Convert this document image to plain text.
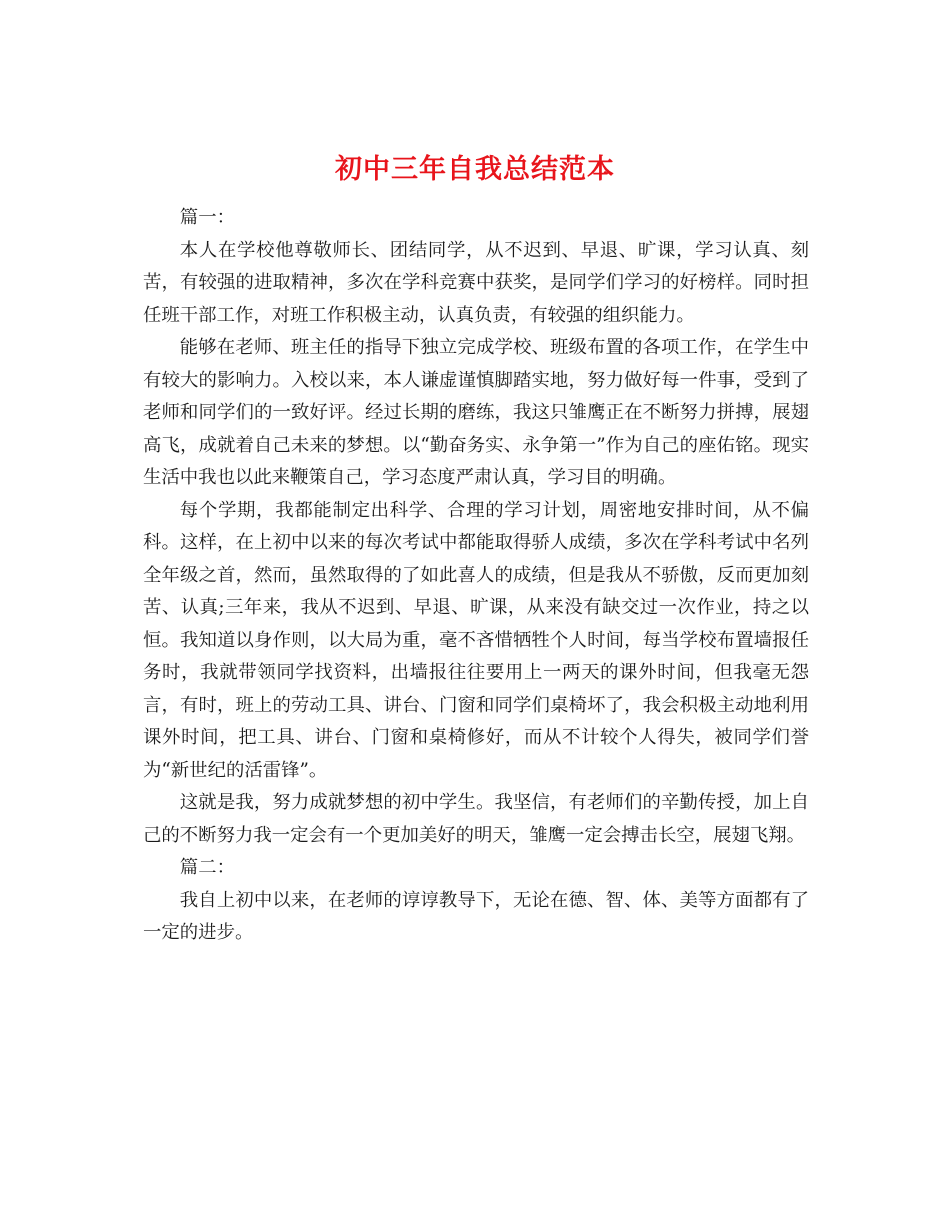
初中三年自我总结范本

篇一：

本人在学校他尊敬师长、团结同学，从不迟到、早退、旷课，学习认真、刻苦，有较强的进取精神，多次在学科竞赛中获奖，是同学们学习的好榜样。同时担任班干部工作，对班工作积极主动，认真负责，有较强的组织能力。

能够在老师、班主任的指导下独立完成学校、班级布置的各项工作，在学生中有较大的影响力。入校以来，本人谦虚谨慎脚踏实地，努力做好每一件事，受到了老师和同学们的一致好评。经过长期的磨练，我这只雏鹰正在不断努力拼搏，展翅高飞，成就着自己未来的梦想。以“勤奋务实、永争第一”作为自己的座佑铭。现实生活中我也以此来鞭策自己，学习态度严肃认真，学习目的明确。

每个学期，我都能制定出科学、合理的学习计划，周密地安排时间，从不偏科。这样，在上初中以来的每次考试中都能取得骄人成绩，多次在学科考试中名列全年级之首，然而，虽然取得的了如此喜人的成绩，但是我从不骄傲，反而更加刻苦、认真;三年来，我从不迟到、早退、旷课，从来没有缺交过一次作业，持之以恒。我知道以身作则，以大局为重，毫不吝惜牺牲个人时间，每当学校布置墙报任务时，我就带领同学找资料，出墙报往往要用上一两天的课外时间，但我毫无怨言，有时，班上的劳动工具、讲台、门窗和同学们桌椅坏了，我会积极主动地利用课外时间，把工具、讲台、门窗和桌椅修好，而从不计较个人得失，被同学们誉为“新世纪的活雷锋”。

这就是我，努力成就梦想的初中学生。我坚信，有老师们的辛勤传授，加上自己的不断努力我一定会有一个更加美好的明天，雏鹰一定会搏击长空，展翅飞翔。

篇二：

我自上初中以来，在老师的谆谆教导下，无论在德、智、体、美等方面都有了一定的进步。
